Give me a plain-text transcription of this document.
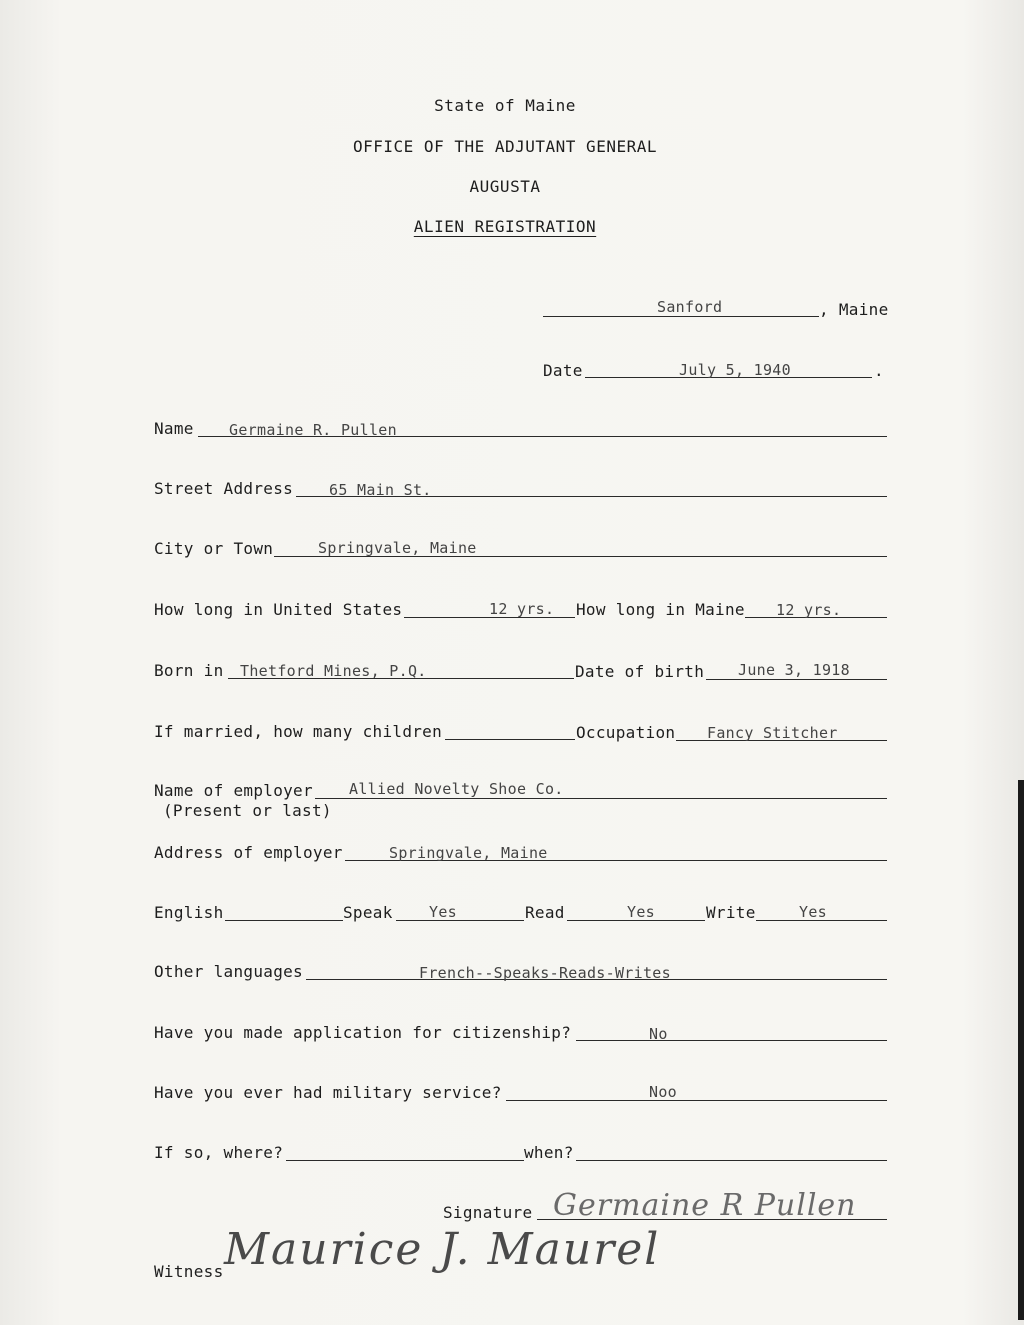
State of Maine
OFFICE OF THE ADJUTANT GENERAL
AUGUSTA
ALIEN REGISTRATION
Sanford	, Maine
Date	July 5, 1940	.
Name Germaine R. Pullen
Street Address 65 Main St.
City or Town	Springvale, Maine
How long in United States	12 yrs. How long in Maine 12 yrs.
Born in Thetford Mines, P.Q.	Date of birth June 3, 1918
If married, how many children	Occupation Fancy Stitcher
Name of employer
(Present or last)
Allied Novelty Shoe Co.
Address of employer	Springvale, Maine
English	Speak Yes	Read	Yes	Write	Yes
Other languages	French--Speaks-Reads-Writes
Have you made application for citizenship?	No
Have you ever had military service?	Noo
If so, where?	when?
Signature Germaine R Pullen
Witness Maurice J. Maurel
